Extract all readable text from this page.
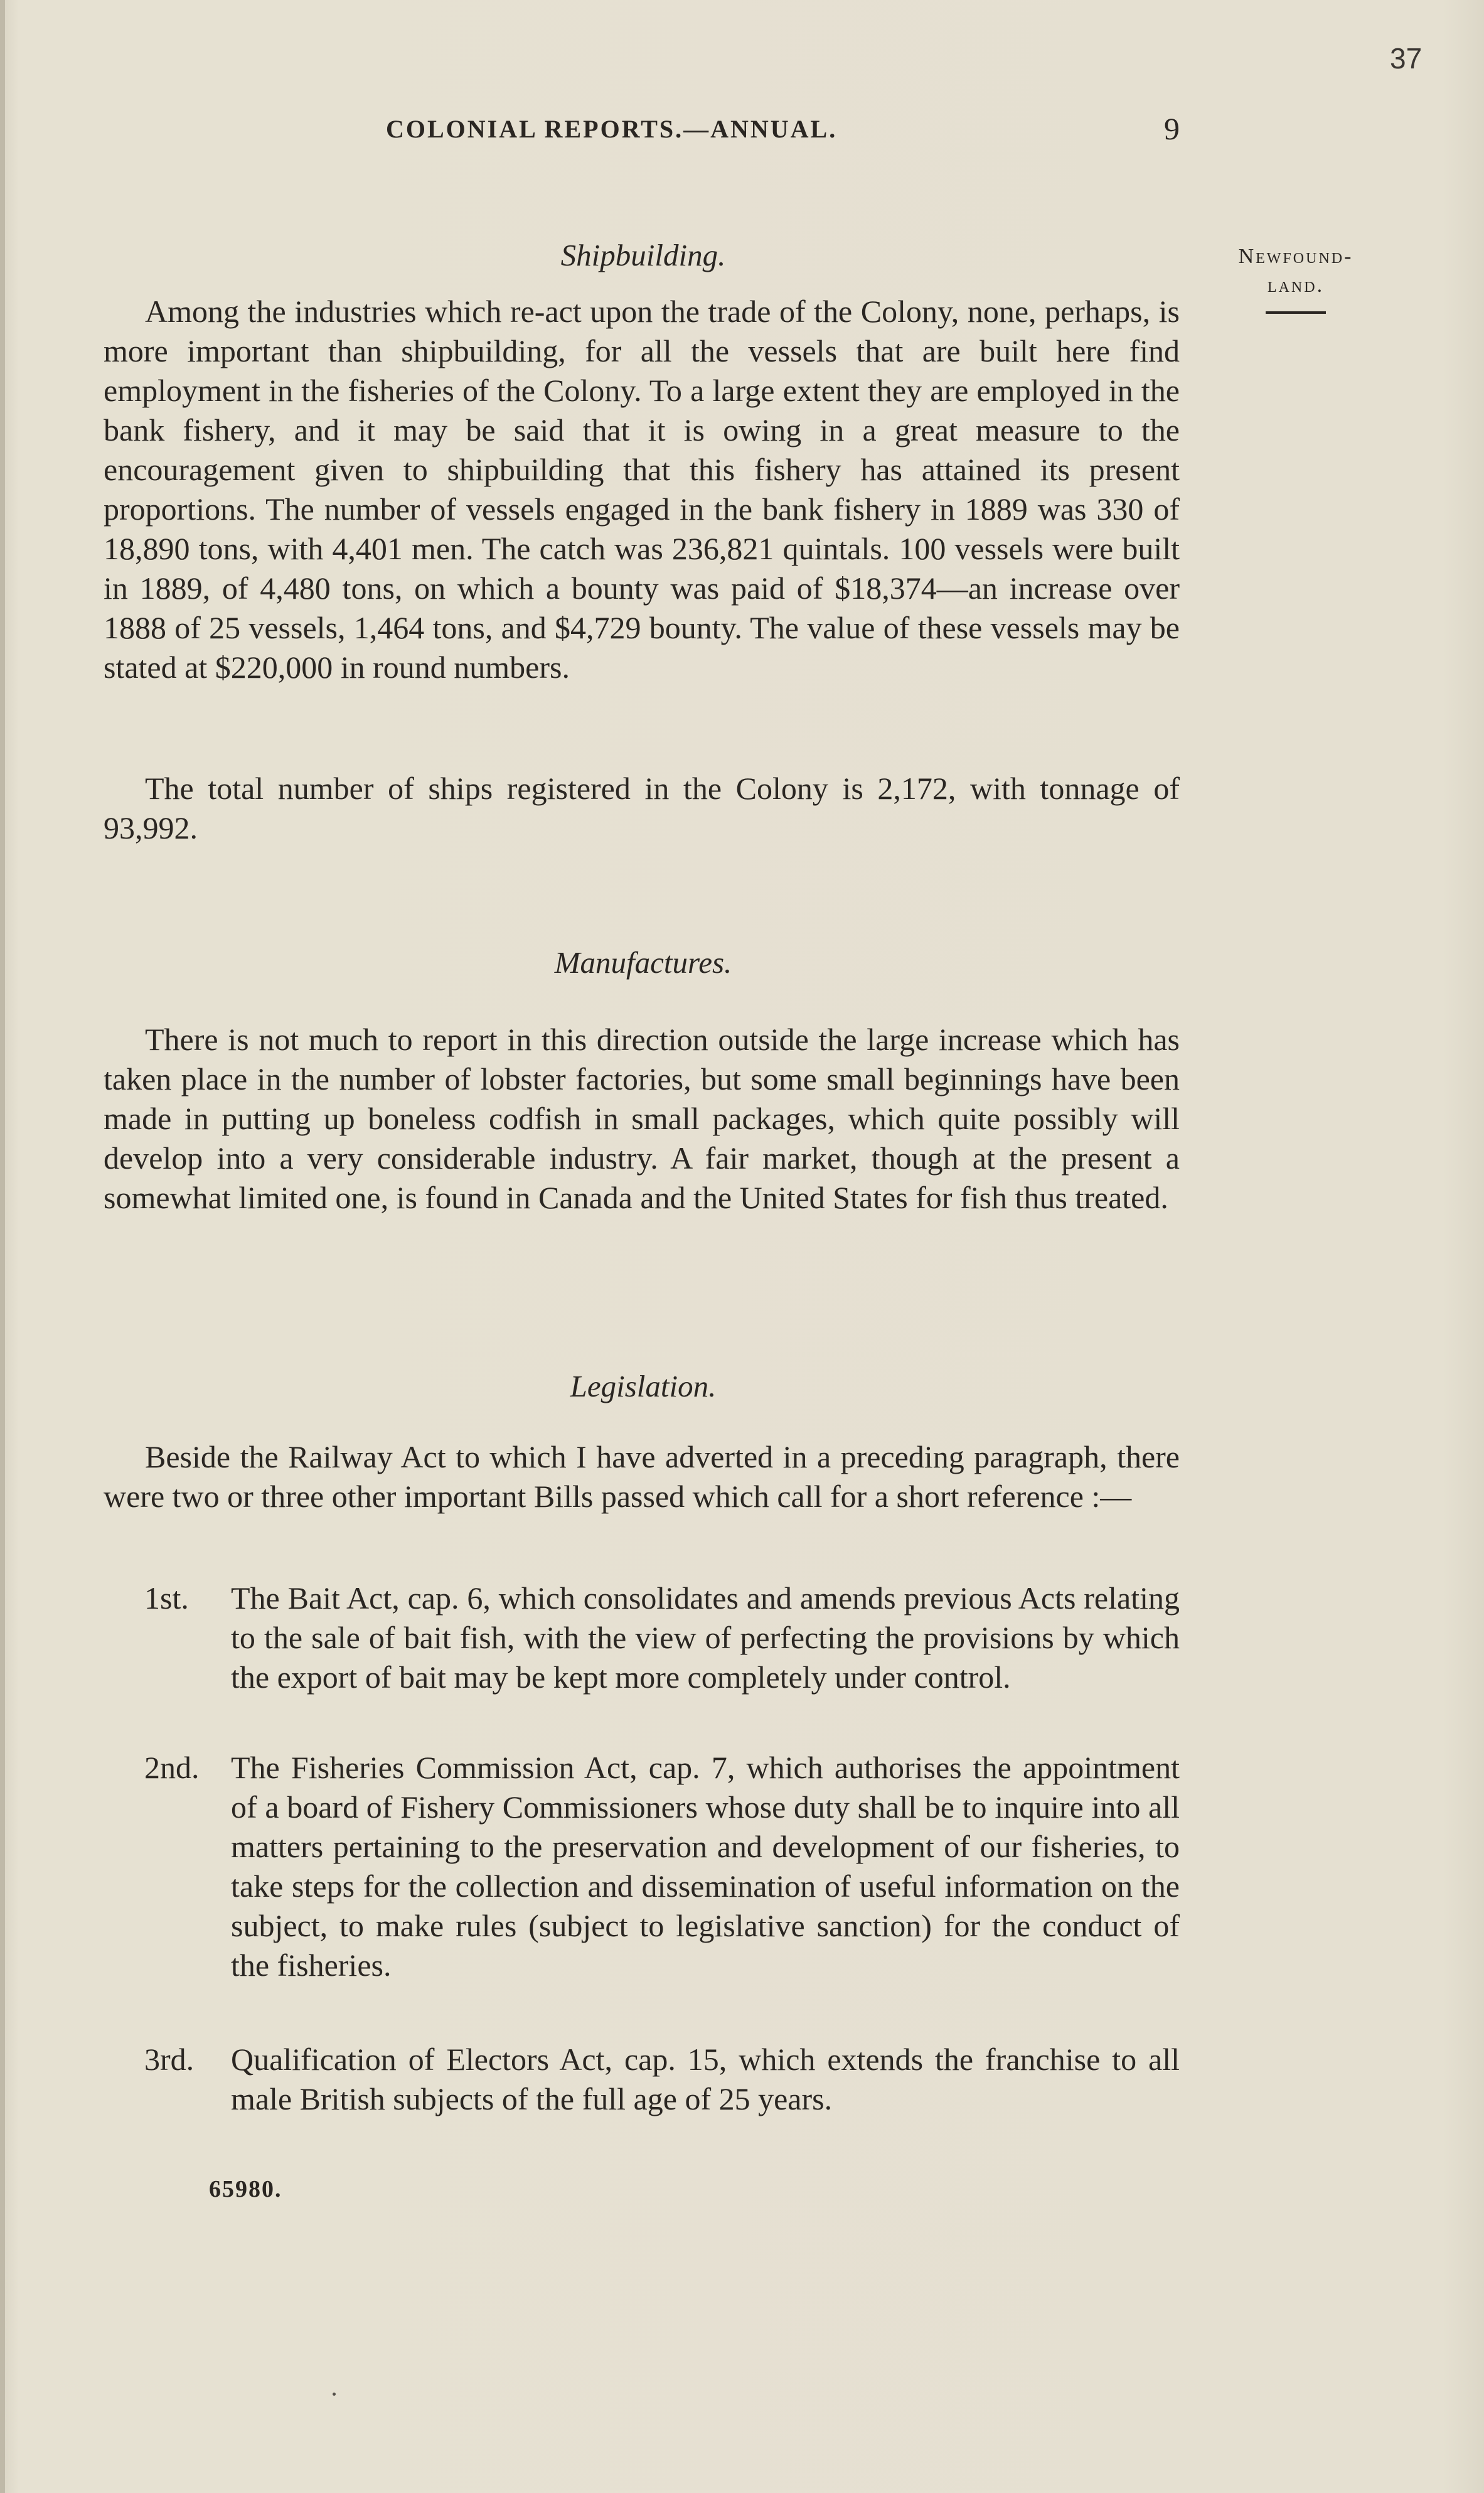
37
COLONIAL REPORTS.—ANNUAL.	9
Newfound-
land.
Shipbuilding.

Among the industries which re-act upon the trade of the Colony, none, perhaps, is more important than shipbuilding, for all the vessels that are built here find employment in the fisheries of the Colony. To a large extent they are employed in the bank fishery, and it may be said that it is owing in a great measure to the encouragement given to shipbuilding that this fishery has attained its present proportions. The number of vessels engaged in the bank fishery in 1889 was 330 of 18,890 tons, with 4,401 men. The catch was 236,821 quintals. 100 vessels were built in 1889, of 4,480 tons, on which a bounty was paid of $18,374—an increase over 1888 of 25 vessels, 1,464 tons, and $4,729 bounty. The value of these vessels may be stated at $220,000 in round numbers.

The total number of ships registered in the Colony is 2,172, with tonnage of 93,992.

Manufactures.

There is not much to report in this direction outside the large increase which has taken place in the number of lobster factories, but some small beginnings have been made in putting up boneless codfish in small packages, which quite possibly will develop into a very considerable industry. A fair market, though at the present a somewhat limited one, is found in Canada and the United States for fish thus treated.

Legislation.

Beside the Railway Act to which I have adverted in a preceding paragraph, there were two or three other important Bills passed which call for a short reference :—

1st. The Bait Act, cap. 6, which consolidates and amends previous Acts relating to the sale of bait fish, with the view of perfecting the provisions by which the export of bait may be kept more completely under control.

2nd. The Fisheries Commission Act, cap. 7, which authorises the appointment of a board of Fishery Commissioners whose duty shall be to inquire into all matters pertaining to the preservation and development of our fisheries, to take steps for the collection and dissemination of useful information on the subject, to make rules (subject to legislative sanction) for the conduct of the fisheries.

3rd. Qualification of Electors Act, cap. 15, which extends the franchise to all male British subjects of the full age of 25 years.

65980.
